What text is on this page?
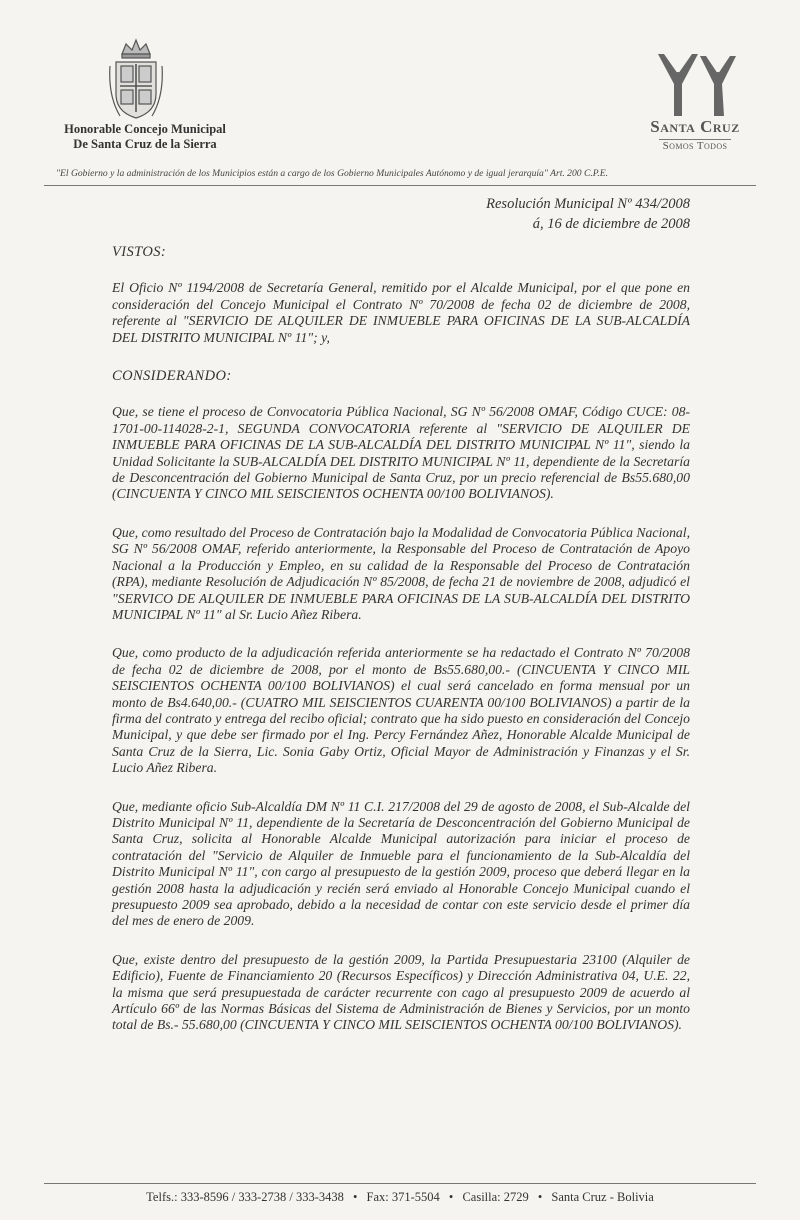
Honorable Concejo Municipal
De Santa Cruz de la Sierra
Santa Cruz
Somos Todos
"El Gobierno y la administración de los Municipios están a cargo de los Gobierno Municipales Autónomo y de igual jerarquía" Art. 200 C.P.E.
Resolución Municipal Nº 434/2008
á, 16 de diciembre de 2008

VISTOS:

El Oficio Nº 1194/2008 de Secretaría General, remitido por el Alcalde Municipal, por el que pone en consideración del Concejo Municipal el Contrato Nº 70/2008 de fecha 02 de diciembre de 2008, referente al "SERVICIO DE ALQUILER DE INMUEBLE PARA OFICINAS DE LA SUB-ALCALDÍA DEL DISTRITO MUNICIPAL Nº 11"; y,

CONSIDERANDO:

Que, se tiene el proceso de Convocatoria Pública Nacional, SG Nº 56/2008 OMAF, Código CUCE: 08-1701-00-114028-2-1, SEGUNDA CONVOCATORIA referente al "SERVICIO DE ALQUILER DE INMUEBLE PARA OFICINAS DE LA SUB-ALCALDÍA DEL DISTRITO MUNICIPAL Nº 11", siendo la Unidad Solicitante la SUB-ALCALDÍA DEL DISTRITO MUNICIPAL Nº 11, dependiente de la Secretaría de Desconcentración del Gobierno Municipal de Santa Cruz, por un precio referencial de Bs55.680,00 (CINCUENTA Y CINCO MIL SEISCIENTOS OCHENTA 00/100 BOLIVIANOS).

Que, como resultado del Proceso de Contratación bajo la Modalidad de Convocatoria Pública Nacional, SG Nº 56/2008 OMAF, referido anteriormente, la Responsable del Proceso de Contratación de Apoyo Nacional a la Producción y Empleo, en su calidad de la Responsable del Proceso de Contratación (RPA), mediante Resolución de Adjudicación Nº 85/2008, de fecha 21 de noviembre de 2008, adjudicó el "SERVICO DE ALQUILER DE INMUEBLE PARA OFICINAS DE LA SUB-ALCALDÍA DEL DISTRITO MUNICIPAL Nº 11" al Sr. Lucio Añez Ribera.

Que, como producto de la adjudicación referida anteriormente se ha redactado el Contrato Nº 70/2008 de fecha 02 de diciembre de 2008, por el monto de Bs55.680,00.- (CINCUENTA Y CINCO MIL SEISCIENTOS OCHENTA 00/100 BOLIVIANOS) el cual será cancelado en forma mensual por un monto de Bs4.640,00.- (CUATRO MIL SEISCIENTOS CUARENTA 00/100 BOLIVIANOS) a partir de la firma del contrato y entrega del recibo oficial; contrato que ha sido puesto en consideración del Concejo Municipal, y que debe ser firmado por el Ing. Percy Fernández Añez, Honorable Alcalde Municipal de Santa Cruz de la Sierra, Lic. Sonia Gaby Ortiz, Oficial Mayor de Administración y Finanzas y el Sr. Lucio Añez Ribera.

Que, mediante oficio Sub-Alcaldía DM Nº 11 C.I. 217/2008 del 29 de agosto de 2008, el Sub-Alcalde del Distrito Municipal Nº 11, dependiente de la Secretaría de Desconcentración del Gobierno Municipal de Santa Cruz, solicita al Honorable Alcalde Municipal autorización para iniciar el proceso de contratación del "Servicio de Alquiler de Inmueble para el funcionamiento de la Sub-Alcaldía del Distrito Municipal Nº 11", con cargo al presupuesto de la gestión 2009, proceso que deberá llegar en la gestión 2008 hasta la adjudicación y recién será enviado al Honorable Concejo Municipal cuando el presupuesto 2009 sea aprobado, debido a la necesidad de contar con este servicio desde el primer día del mes de enero de 2009.

Que, existe dentro del presupuesto de la gestión 2009, la Partida Presupuestaria 23100 (Alquiler de Edificio), Fuente de Financiamiento 20 (Recursos Específicos) y Dirección Administrativa 04, U.E. 22, la misma que será presupuestada de carácter recurrente con cago al presupuesto 2009 de acuerdo al Artículo 66º de las Normas Básicas del Sistema de Administración de Bienes y Servicios, por un monto total de Bs.- 55.680,00 (CINCUENTA Y CINCO MIL SEISCIENTOS OCHENTA 00/100 BOLIVIANOS).

Telfs.: 333-8596 / 333-2738 / 333-3438 • Fax: 371-5504 • Casilla: 2729 • Santa Cruz - Bolivia
